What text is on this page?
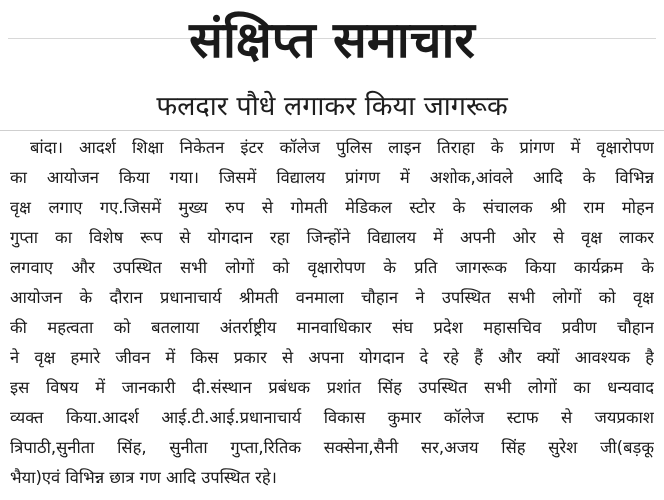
संक्षिप्त समाचार
फलदार पौधे लगाकर किया जागरूक
बांदा। आदर्श शिक्षा निकेतन इंटर कॉलेज पुलिस लाइन तिराहा के प्रांगण में वृक्षारोपण
का आयोजन किया गया। जिसमें विद्यालय प्रांगण में अशोक,आंवले आदि के विभिन्न
वृक्ष लगाए गए.जिसमें मुख्य रुप से गोमती मेडिकल स्टोर के संचालक श्री राम मोहन
गुप्ता का विशेष रूप से योगदान रहा जिन्होंने विद्यालय में अपनी ओर से वृक्ष लाकर
लगवाए और उपस्थित सभी लोगों को वृक्षारोपण के प्रति जागरूक किया कार्यक्रम के
आयोजन के दौरान प्रधानाचार्य श्रीमती वनमाला चौहान ने उपस्थित सभी लोगों को वृक्ष
की महत्वता को बतलाया अंतर्राष्ट्रीय मानवाधिकार संघ प्रदेश महासचिव प्रवीण चौहान
ने वृक्ष हमारे जीवन में किस प्रकार से अपना योगदान दे रहे हैं और क्यों आवश्यक है
इस विषय में जानकारी दी.संस्थान प्रबंधक प्रशांत सिंह उपस्थित सभी लोगों का धन्यवाद
व्यक्त किया.आदर्श आई.टी.आई.प्रधानाचार्य विकास कुमार कॉलेज स्टाफ से जयप्रकाश
त्रिपाठी,सुनीता सिंह, सुनीता गुप्ता,रितिक सक्सेना,सैनी सर,अजय सिंह सुरेश जी(बड़कू
भैया)एवं विभिन्न छात्र गण आदि उपस्थित रहे।
